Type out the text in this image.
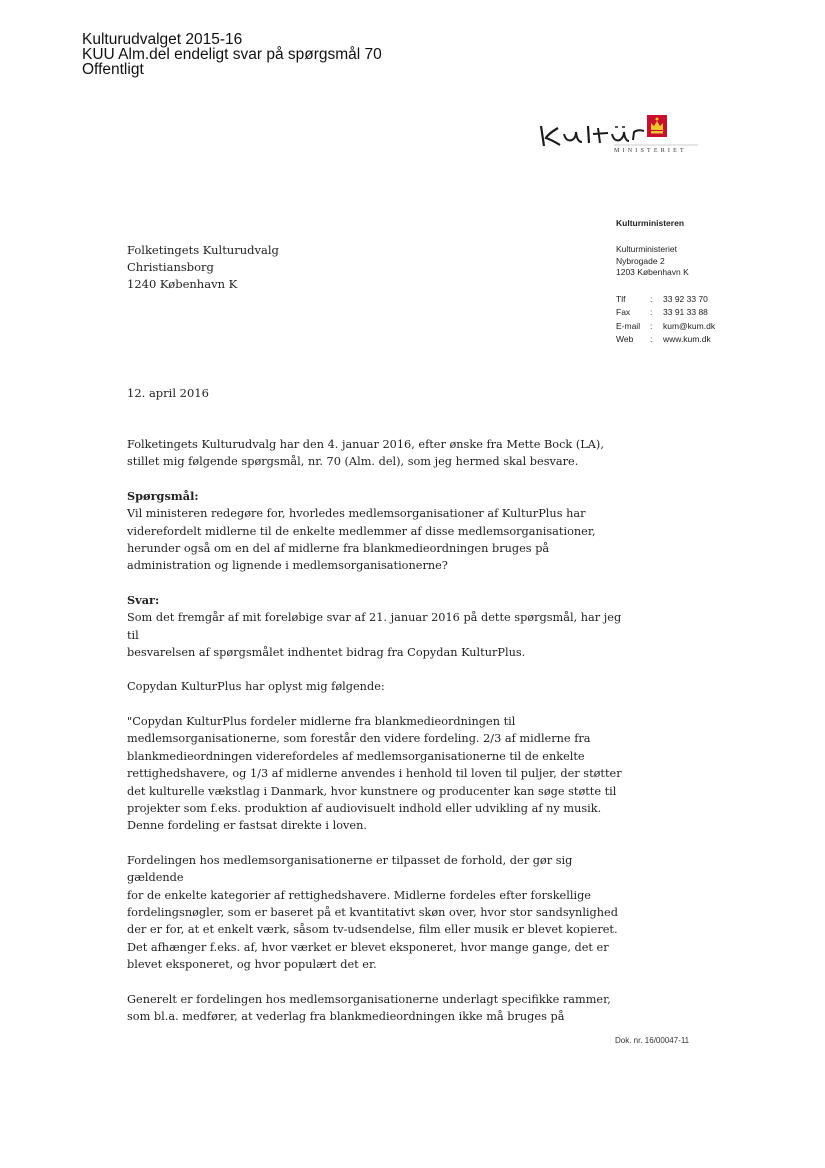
Kulturudvalget 2015-16
KUU Alm.del endeligt svar på spørgsmål 70
Offentligt
MINISTERIET
Kulturministeren
Kulturministeriet
Nybrogade 2
1203 København K
Tlf	:	33 92 33 70
Fax	:	33 91 33 88
E-mail	:	kum@kum.dk
Web	:	www.kum.dk
Folketingets Kulturudvalg
Christiansborg
1240 København K
12. april 2016

Folketingets Kulturudvalg har den 4. januar 2016, efter ønske fra Mette Bock (LA),
stillet mig følgende spørgsmål, nr. 70 (Alm. del), som jeg hermed skal besvare.

Spørgsmål:

Vil ministeren redegøre for, hvorledes medlemsorganisationer af KulturPlus har
viderefordelt midlerne til de enkelte medlemmer af disse medlemsorganisationer,
herunder også om en del af midlerne fra blankmedieordningen bruges på
administration og lignende i medlemsorganisationerne?

Svar:

Som det fremgår af mit foreløbige svar af 21. januar 2016 på dette spørgsmål, har jeg til
besvarelsen af spørgsmålet indhentet bidrag fra Copydan KulturPlus.

Copydan KulturPlus har oplyst mig følgende:

"Copydan KulturPlus fordeler midlerne fra blankmedieordningen til
medlemsorganisationerne, som forestår den videre fordeling. 2/3 af midlerne fra
blankmedieordningen viderefordeles af medlemsorganisationerne til de enkelte
rettighedshavere, og 1/3 af midlerne anvendes i henhold til loven til puljer, der støtter
det kulturelle vækstlag i Danmark, hvor kunstnere og producenter kan søge støtte til
projekter som f.eks. produktion af audiovisuelt indhold eller udvikling af ny musik.
Denne fordeling er fastsat direkte i loven.

Fordelingen hos medlemsorganisationerne er tilpasset de forhold, der gør sig gældende
for de enkelte kategorier af rettighedshavere. Midlerne fordeles efter forskellige
fordelingsnøgler, som er baseret på et kvantitativt skøn over, hvor stor sandsynlighed
der er for, at et enkelt værk, såsom tv-udsendelse, film eller musik er blevet kopieret.
Det afhænger f.eks. af, hvor værket er blevet eksponeret, hvor mange gange, det er
blevet eksponeret, og hvor populært det er.

Generelt er fordelingen hos medlemsorganisationerne underlagt specifikke rammer,
som bl.a. medfører, at vederlag fra blankmedieordningen ikke må bruges på

Dok. nr. 16/00047-11
